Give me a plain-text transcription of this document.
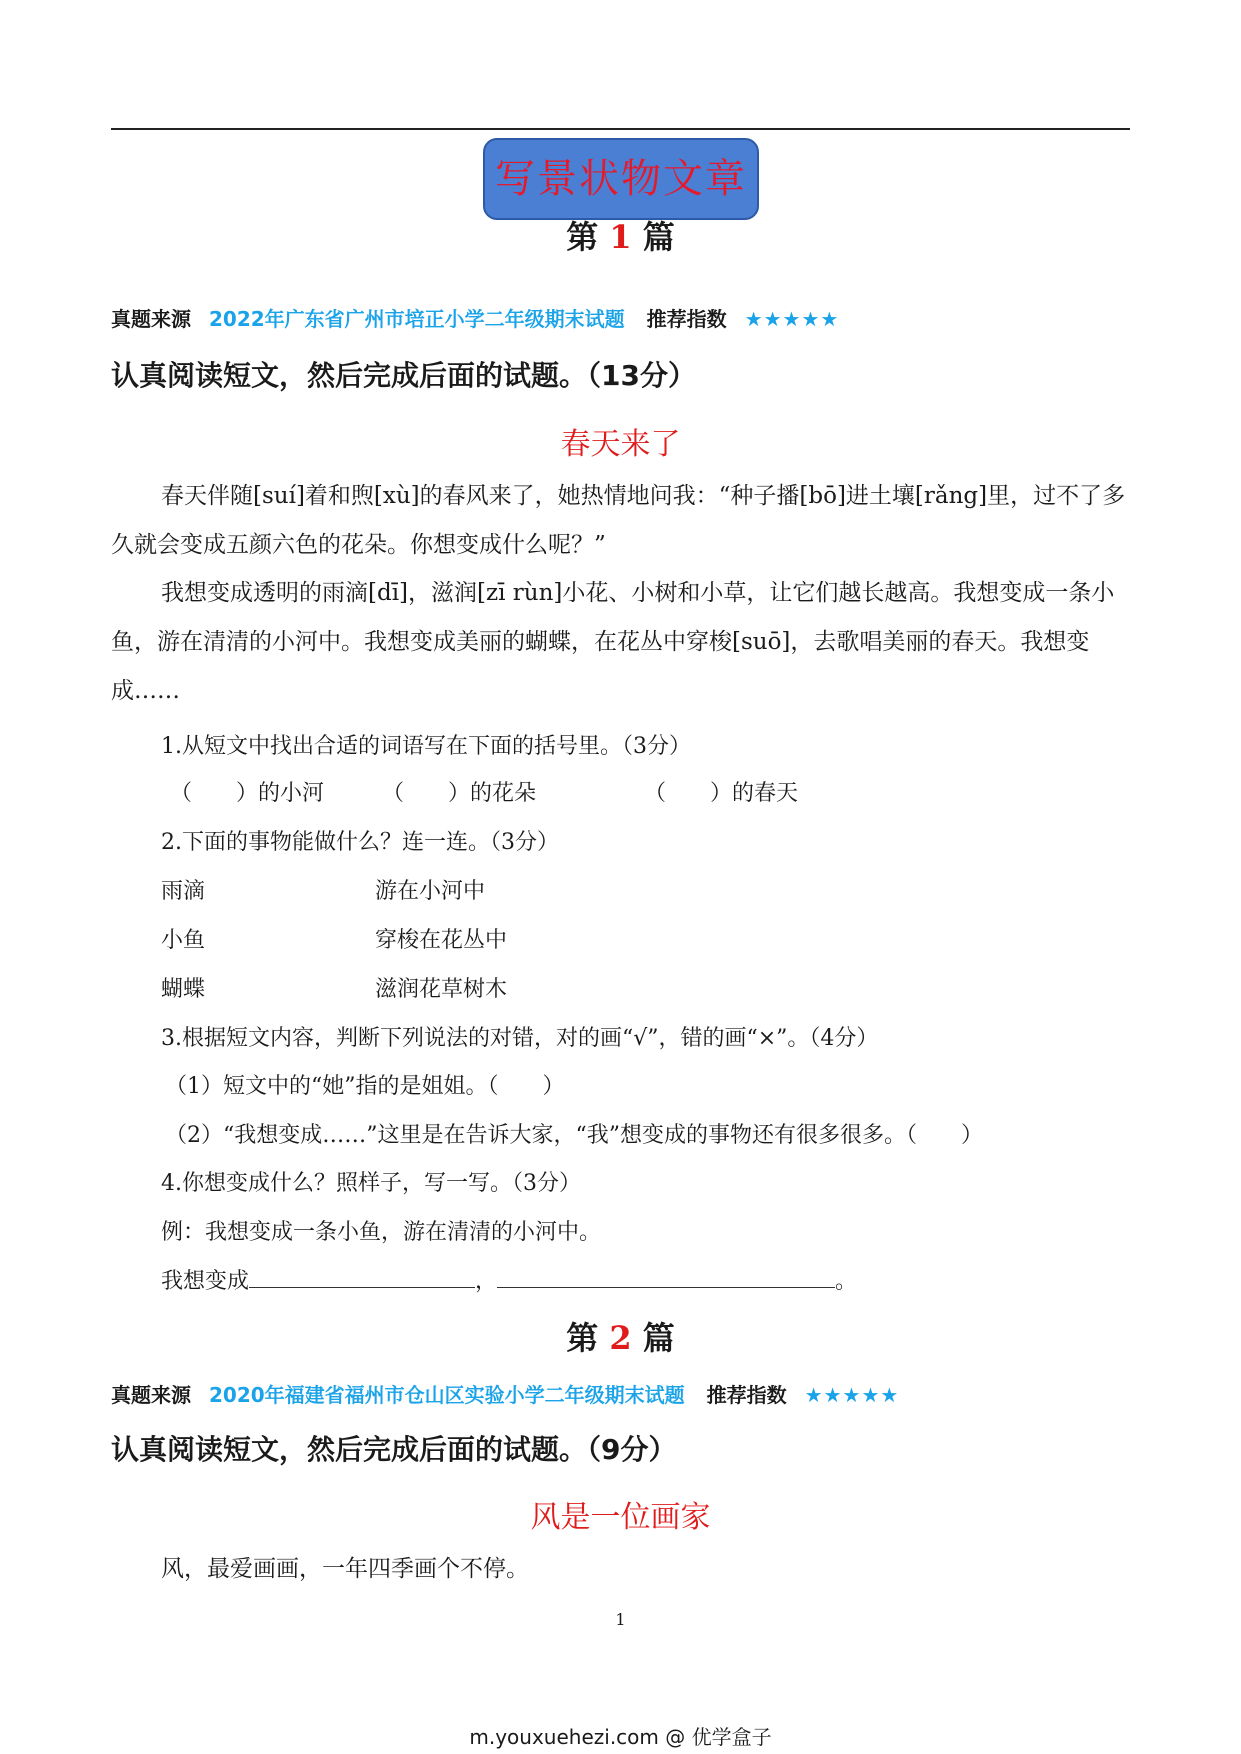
写景状物文章
第 1 篇
真题来源 2022年广东省广州市培正小学二年级期末试题 推荐指数 ★★★★★
认真阅读短文，然后完成后面的试题。（13分）
春天来了
春天伴随[suí]着和煦[xù]的春风来了，她热情地问我：“种子播[bō]进土壤[rǎng]里，过不了多久就会变成五颜六色的花朵。你想变成什么呢？”
我想变成透明的雨滴[dī]，滋润[zī rùn]小花、小树和小草，让它们越长越高。我想变成一条小鱼，游在清清的小河中。我想变成美丽的蝴蝶，在花丛中穿梭[suō]，去歌唱美丽的春天。我想变成……
1.从短文中找出合适的词语写在下面的括号里。（3分）
（　　）的小河	（　　）的花朵	（　　）的春天
2.下面的事物能做什么？连一连。（3分）
雨滴	游在小河中
小鱼	穿梭在花丛中
蝴蝶	滋润花草树木
3.根据短文内容，判断下列说法的对错，对的画“√”，错的画“×”。（4分）
（1）短文中的“她”指的是姐姐。（　　）
（2）“我想变成……”这里是在告诉大家，“我”想变成的事物还有很多很多。（　　）
4.你想变成什么？照样子，写一写。（3分）
例：我想变成一条小鱼，游在清清的小河中。
我想变成	，	。
第 2 篇
真题来源 2020年福建省福州市仓山区实验小学二年级期末试题 推荐指数 ★★★★★
认真阅读短文，然后完成后面的试题。（9分）
风是一位画家
风，最爱画画，一年四季画个不停。
1
m.youxuehezi.com @ 优学盒子
